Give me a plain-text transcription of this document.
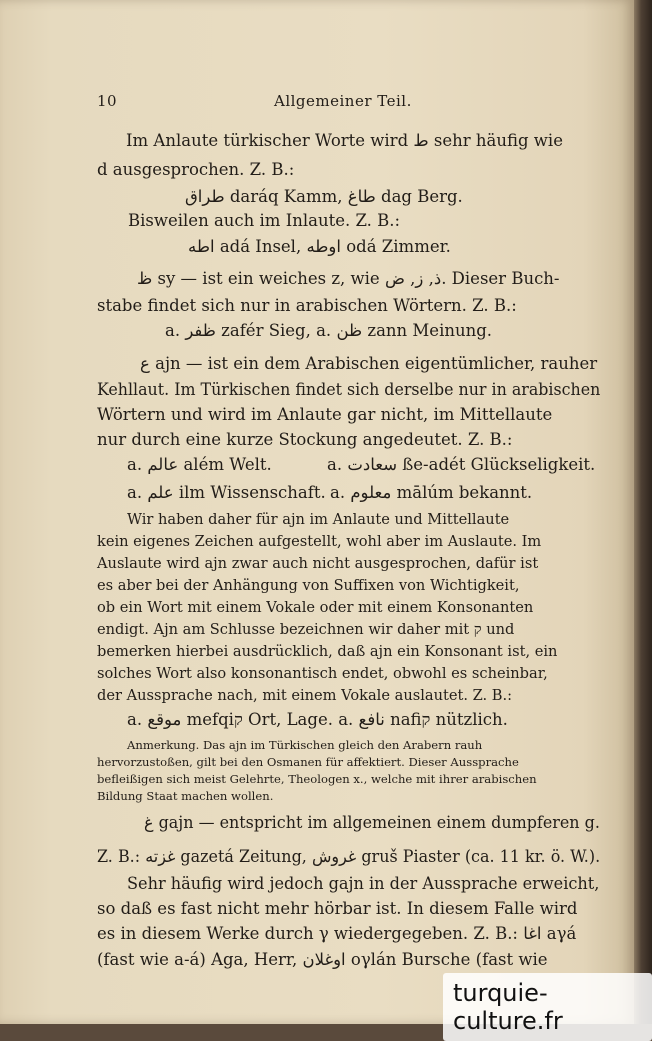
10	Allgemeiner Teil.
Im Anlaute türkischer Worte wird ط sehr häufig wie
d ausgesprochen. Z. B.:
طراق daráq Kamm, طاغ dag Berg.
Bisweilen auch im Inlaute. Z. B.:
اطه adá Insel, اوطه odá Zimmer.
ظ sy — ist ein weiches z, wie ذ, ز, ض. Dieser Buch-
stabe findet sich nur in arabischen Wörtern. Z. B.:
a. ظفر zafér Sieg, a. ظن zann Meinung.
ع ajn — ist ein dem Arabischen eigentümlicher, rauher
Kehllaut. Im Türkischen findet sich derselbe nur in arabischen
Wörtern und wird im Anlaute gar nicht, im Mittellaute
nur durch eine kurze Stockung angedeutet. Z. B.:
a. عالم além Welt.	a. سعادت ße-adét Glückseligkeit.
a. علم ilm Wissenschaft. a. معلوم mālúm bekannt.
Wir haben daher für ajn im Anlaute und Mittellaute
kein eigenes Zeichen aufgestellt, wohl aber im Auslaute. Im
Auslaute wird ajn zwar auch nicht ausgesprochen, dafür ist
es aber bei der Anhängung von Suffixen von Wichtigkeit,
ob ein Wort mit einem Vokale oder mit einem Konsonanten
endigt. Ajn am Schlusse bezeichnen wir daher mit ק und
bemerken hierbei ausdrücklich, daß ajn ein Konsonant ist, ein
solches Wort also konsonantisch endet, obwohl es scheinbar,
der Aussprache nach, mit einem Vokale auslautet. Z. B.:
a. موقع mefqiק Ort, Lage. a. نافع nafiק nützlich.
Anmerkung. Das ajn im Türkischen gleich den Arabern rauh
hervorzustoßen, gilt bei den Osmanen für affektiert. Dieser Aussprache
befleißigen sich meist Gelehrte, Theologen x., welche mit ihrer arabischen
Bildung Staat machen wollen.
غ gajn — entspricht im allgemeinen einem dumpferen g.
Z. B.: غزته gazetá Zeitung, غروش gruš Piaster (ca. 11 kr. ö. W.).
Sehr häufig wird jedoch gajn in der Aussprache erweicht,
so daß es fast nicht mehr hörbar ist. In diesem Falle wird
es in diesem Werke durch γ wiedergegeben. Z. B.: اغا aγá
(fast wie a-á) Aga, Herr, اوغلان oγlán Bursche (fast wie
turquie-culture.fr
